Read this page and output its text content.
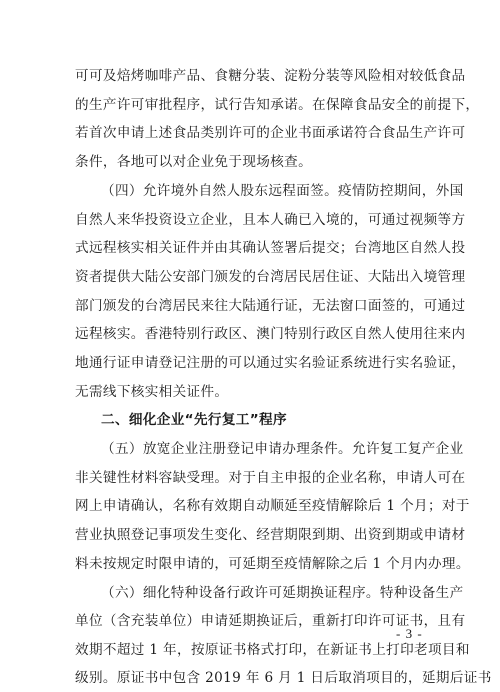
可可及焙烤咖啡产品、食糖分装、淀粉分装等风险相对较低食品
的生产许可审批程序，试行告知承诺。在保障食品安全的前提下，
若首次申请上述食品类别许可的企业书面承诺符合食品生产许可
条件，各地可以对企业免于现场核查。
（四）允许境外自然人股东远程面签。疫情防控期间，外国
自然人来华投资设立企业，且本人确已入境的，可通过视频等方
式远程核实相关证件并由其确认签署后提交；台湾地区自然人投
资者提供大陆公安部门颁发的台湾居民居住证、大陆出入境管理
部门颁发的台湾居民来往大陆通行证，无法窗口面签的，可通过
远程核实。香港特别行政区、澳门特别行政区自然人使用往来内
地通行证申请登记注册的可以通过实名验证系统进行实名验证，
无需线下核实相关证件。
二、细化企业“先行复工”程序
（五）放宽企业注册登记申请办理条件。允许复工复产企业
非关键性材料容缺受理。对于自主申报的企业名称，申请人可在
网上申请确认，名称有效期自动顺延至疫情解除后 1 个月；对于
营业执照登记事项发生变化、经营期限到期、出资到期或申请材
料未按规定时限申请的，可延期至疫情解除之后 1 个月内办理。
（六）细化特种设备行政许可延期换证程序。特种设备生产
单位（含充装单位）申请延期换证后，重新打印许可证书，且有
效期不超过 1 年，按原证书格式打印，在新证书上打印老项目和
级别。原证书中包含 2019 年 6 月 1 日后取消项目的，延期后证书
- 3 -
